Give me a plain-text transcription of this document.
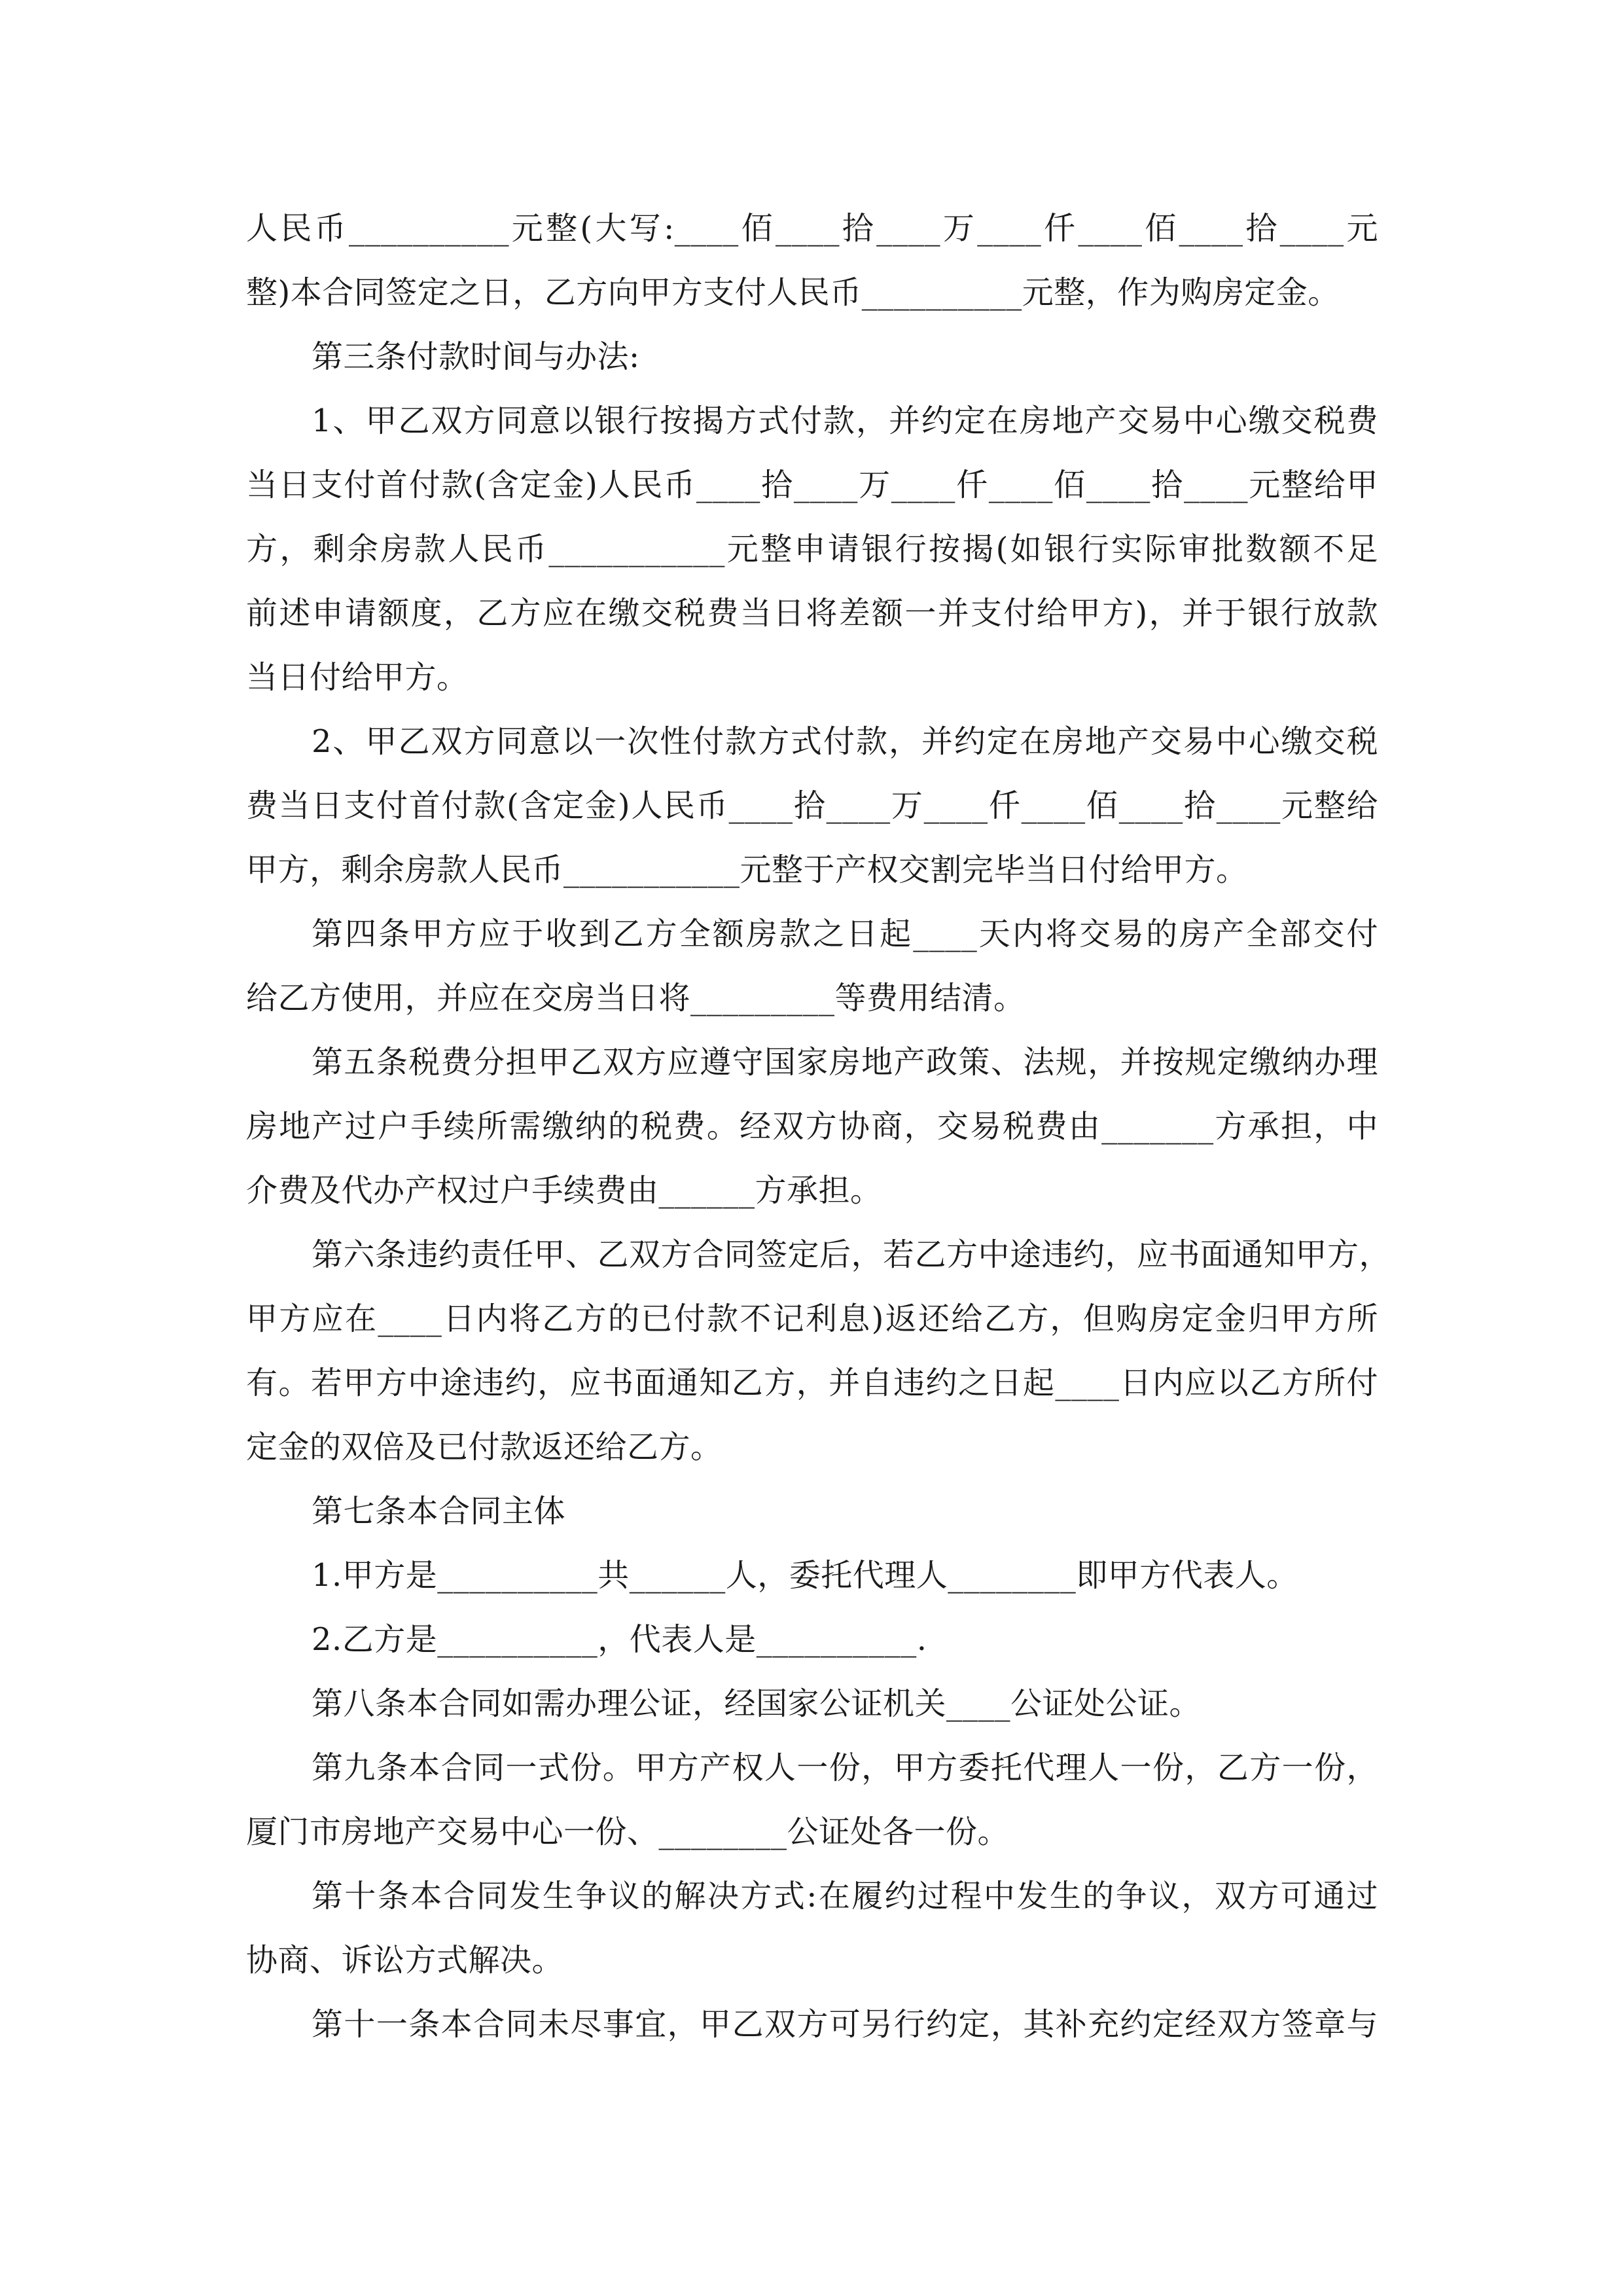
人民币__________元整(大写:____佰____拾____万____仟____佰____拾____元
整)本合同签定之日，乙方向甲方支付人民币__________元整，作为购房定金。
第三条付款时间与办法:
1、甲乙双方同意以银行按揭方式付款，并约定在房地产交易中心缴交税费
当日支付首付款(含定金)人民币____拾____万____仟____佰____拾____元整给甲
方，剩余房款人民币___________元整申请银行按揭(如银行实际审批数额不足
前述申请额度，乙方应在缴交税费当日将差额一并支付给甲方)，并于银行放款
当日付给甲方。
2、甲乙双方同意以一次性付款方式付款，并约定在房地产交易中心缴交税
费当日支付首付款(含定金)人民币____拾____万____仟____佰____拾____元整给
甲方，剩余房款人民币___________元整于产权交割完毕当日付给甲方。
第四条甲方应于收到乙方全额房款之日起____天内将交易的房产全部交付
给乙方使用，并应在交房当日将_________等费用结清。
第五条税费分担甲乙双方应遵守国家房地产政策、法规，并按规定缴纳办理
房地产过户手续所需缴纳的税费。经双方协商，交易税费由_______方承担，中
介费及代办产权过户手续费由______方承担。
第六条违约责任甲、乙双方合同签定后，若乙方中途违约，应书面通知甲方，
甲方应在____日内将乙方的已付款不记利息)返还给乙方，但购房定金归甲方所
有。若甲方中途违约，应书面通知乙方，并自违约之日起____日内应以乙方所付
定金的双倍及已付款返还给乙方。
第七条本合同主体
1.甲方是__________共______人，委托代理人________即甲方代表人。
2.乙方是__________，代表人是__________.
第八条本合同如需办理公证，经国家公证机关____公证处公证。
第九条本合同一式份。甲方产权人一份，甲方委托代理人一份，乙方一份，
厦门市房地产交易中心一份、________公证处各一份。
第十条本合同发生争议的解决方式:在履约过程中发生的争议，双方可通过
协商、诉讼方式解决。
第十一条本合同未尽事宜，甲乙双方可另行约定，其补充约定经双方签章与
